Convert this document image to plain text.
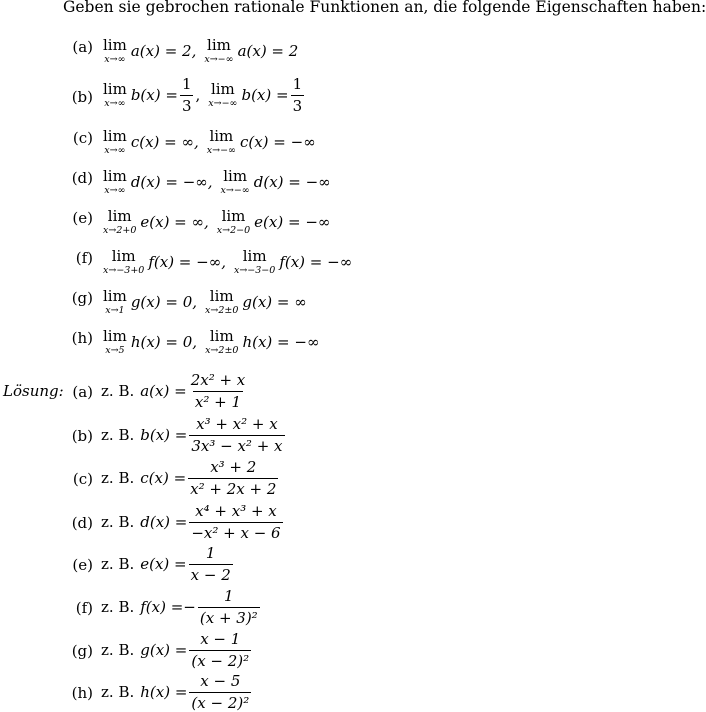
Geben sie gebrochen rationale Funktionen an, die folgende Eigenschaften haben:
(a) lim
x→∞ a(x) = 2, lim
x→−∞ a(x) = 2
(b) lim
x→∞ $b(x) = \frac{1}{3}$ , lim
x→−∞ $b(x) = \frac{1}{3}$
(c) lim
x→∞ c(x) = ∞, lim
x→−∞ c(x) = −∞
(d) lim
x→∞ d(x) = −∞, lim
x→−∞ d(x) = −∞
(e) lim
x→2+0 e(x) = ∞, lim
x→2−0 e(x) = −∞
(f) lim
x→−3+0 f(x) = −∞, lim
x→−3−0 f(x) = −∞
(g) lim
x→1 g(x) = 0, lim
x→2±0 g(x) = ∞
(h) lim
x→5 h(x) = 0, lim
x→2±0 h(x) = −∞
Lösung: (a) z. B. $a(x) = \frac{\text{2x² + x}}{\text{x² + 1}}$
(b) z. B. $b(x) = \frac{\text{x³ + x² + x}}{\text{3x³ − x² + x}}$
(c) z. B. $c(x) = \frac{\text{x³ + 2}}{\text{x² + 2x + 2}}$
(d) z. B. $d(x) = \frac{\text{x⁴ + x³ + x}}{\text{−x² + x − 6}}$
(e) z. B. $e(x) = \frac{1}{x - 2}$
(f) z. B. f(x) = − $\frac{1}{\text{(x + 3)²}}$
(g) z. B. $g(x) = \frac{x - 1}{\text{(x − 2)²}}$
(h) z. B. $h(x) = \frac{x - 5}{\text{(x − 2)²}}$
